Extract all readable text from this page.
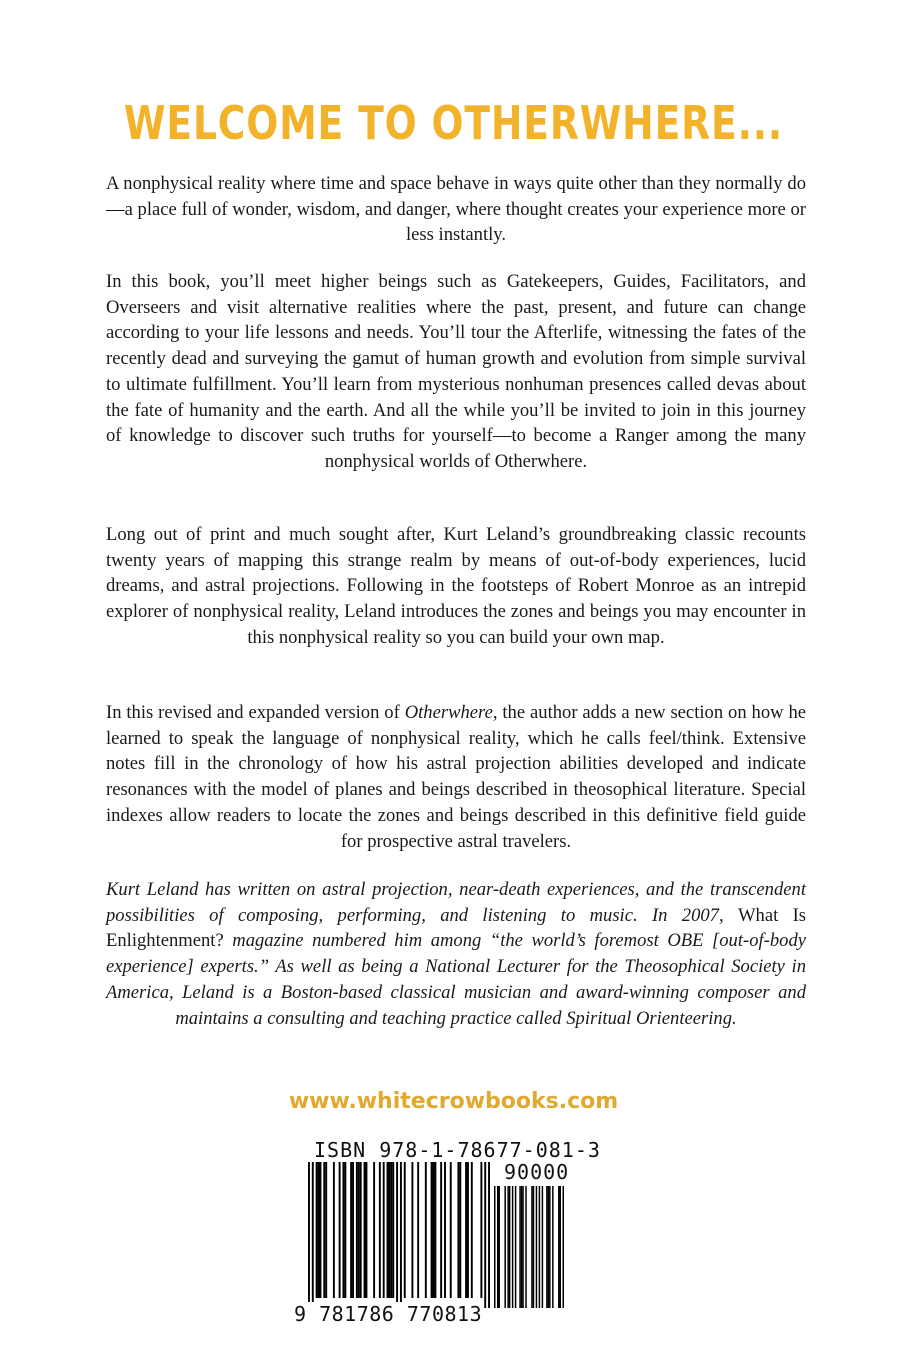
WELCOME TO OTHERWHERE...

A nonphysical reality where time and space behave in ways quite other than they normally do—a place full of wonder, wisdom, and danger, where thought creates your experience more or less instantly.

In this book, you’ll meet higher beings such as Gatekeepers, Guides, Facilitators, and Overseers and visit alternative realities where the past, present, and future can change according to your life lessons and needs. You’ll tour the Afterlife, witnessing the fates of the recently dead and surveying the gamut of human growth and evolution from simple survival to ultimate fulfillment. You’ll learn from mysterious nonhuman presences called devas about the fate of humanity and the earth. And all the while you’ll be invited to join in this journey of knowledge to discover such truths for yourself—to become a Ranger among the many nonphysical worlds of Otherwhere.

Long out of print and much sought after, Kurt Leland’s groundbreaking classic recounts twenty years of mapping this strange realm by means of out-of-body experiences, lucid dreams, and astral projections. Following in the footsteps of Robert Monroe as an intrepid explorer of nonphysical reality, Leland introduces the zones and beings you may encounter in this nonphysical reality so you can build your own map.

In this revised and expanded version of Otherwhere, the author adds a new section on how he learned to speak the language of nonphysical reality, which he calls feel/think. Extensive notes fill in the chronology of how his astral projection abilities developed and indicate resonances with the model of planes and beings described in theosophical literature. Special indexes allow readers to locate the zones and beings described in this definitive field guide for prospective astral travelers.

Kurt Leland has written on astral projection, near-death experiences, and the transcendent possibilities of composing, performing, and listening to music. In 2007, What Is Enlightenment? magazine numbered him among “the world’s foremost OBE [out-of-body experience] experts.” As well as being a National Lecturer for the Theosophical Society in America, Leland is a Boston-based classical musician and award-winning composer and maintains a consulting and teaching practice called Spiritual Orienteering.

www.whitecrowbooks.com

ISBN 978-1-78677-081-3

90000

9 781786 770813
